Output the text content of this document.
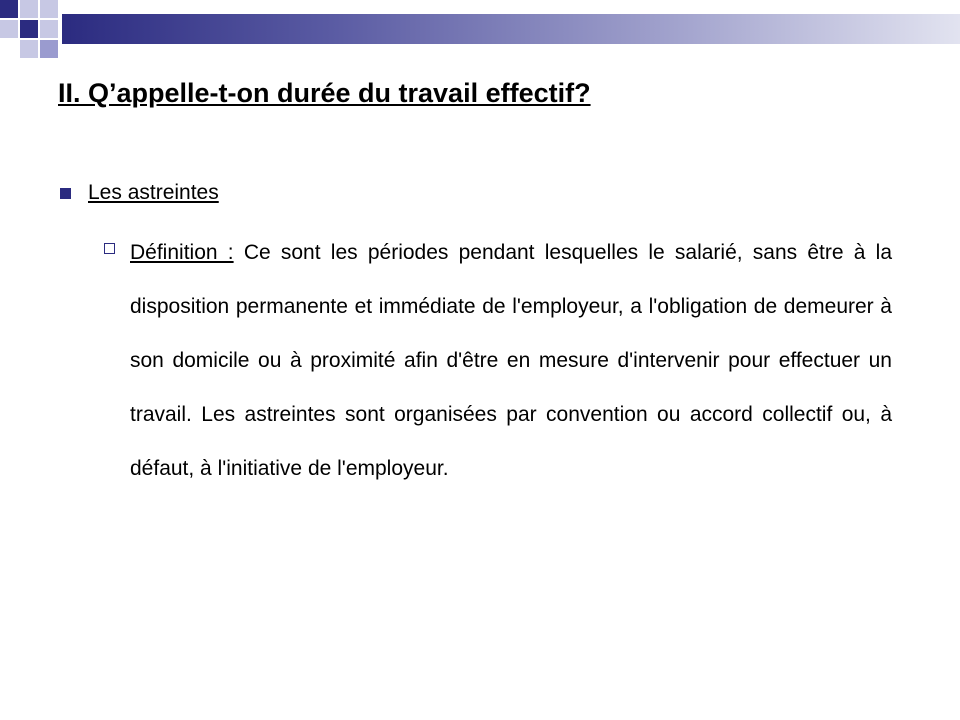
II. Q’appelle-t-on durée du travail effectif?
Les astreintes

Définition : Ce sont les périodes pendant lesquelles le salarié, sans être à la disposition permanente et immédiate de l'employeur, a l'obligation de demeurer à son domicile ou à proximité afin d'être en mesure d'intervenir pour effectuer un travail. Les astreintes sont organisées par convention ou accord collectif ou, à défaut, à l'initiative de l'employeur.
